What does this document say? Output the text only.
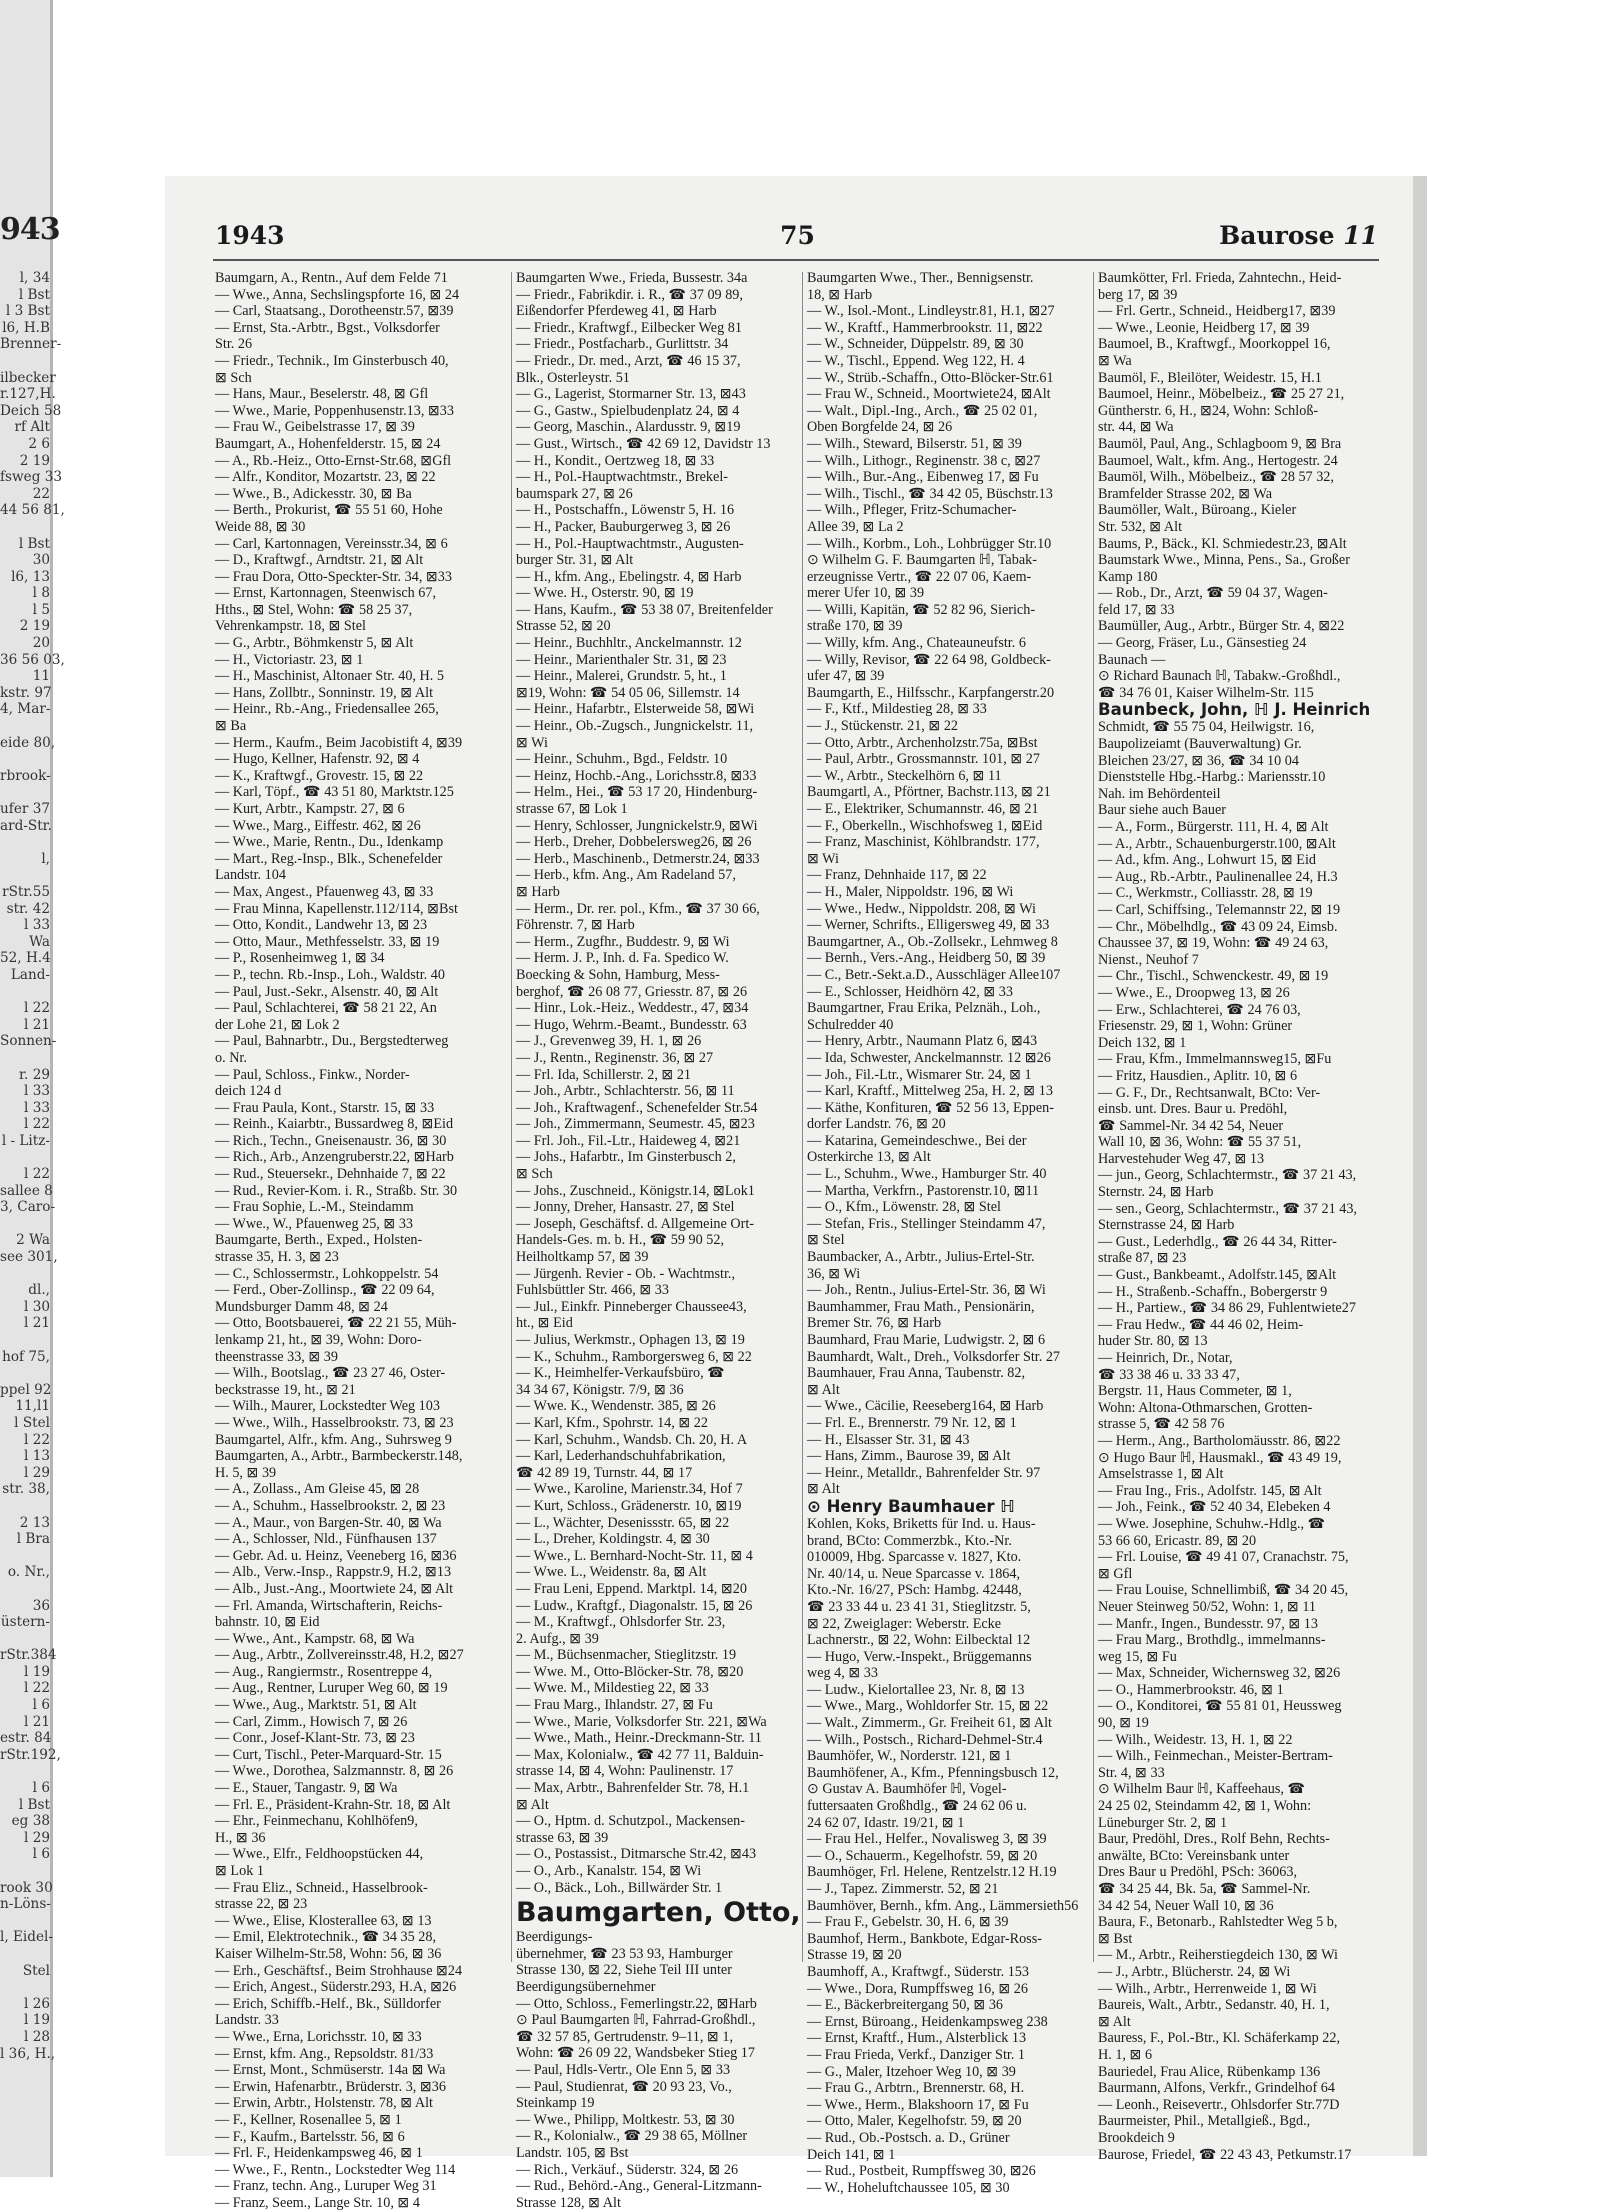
943
l, 34
l Bst
l 3 Bst
l6, H.B
Brenner-
ilbecker
r.127,H.
Deich 58
rf Alt
2 6
2 19
fsweg 33
22
44 56 81,
l Bst
30
l6, 13
l 8
l 5
2 19
20
36 56 03,
11
kstr. 97
4, Mar-
eide 80,
rbrook-
ufer 37
ard-Str.
l,
rStr.55
str. 42
l 33
Wa
52, H.4
Land-
l 22
l 21
Sonnen-
r. 29
l 33
l 33
l 22
l - Litz-
l 22
sallee 8
3, Caro-
2 Wa
see 301,
dl.,
l 30
l 21
hof 75,
ppel 92
11,l1
l Stel
l 22
l 13
l 29
str. 38,
2 13
l Bra
o. Nr.,
36
üstern-
rStr.384
l 19
l 22
l 6
l 21
estr. 84
rStr.192,
l 6
l Bst
eg 38
l 29
l 6
rook 30
n-Löns-
l, Eidel-
Stel
l 26
l 19
l 28
l 36, H.,
1943	75	Baurose 11
Baumgarn, A., Rentn., Auf dem Felde 71
— Wwe., Anna, Sechslingspforte 16, ⊠ 24
— Carl, Staatsang., Dorotheenstr.57, ⊠39
— Ernst, Sta.-Arbtr., Bgst., Volksdorfer
Str. 26
— Friedr., Technik., Im Ginsterbusch 40,
⊠ Sch
— Hans, Maur., Beselerstr. 48, ⊠ Gfl
— Wwe., Marie, Poppenhusenstr.13, ⊠33
— Frau W., Geibelstrasse 17, ⊠ 39
Baumgart, A., Hohenfelderstr. 15, ⊠ 24
— A., Rb.-Heiz., Otto-Ernst-Str.68, ⊠Gfl
— Alfr., Konditor, Mozartstr. 23, ⊠ 22
— Wwe., B., Adickesstr. 30, ⊠ Ba
— Berth., Prokurist, ☎ 55 51 60, Hohe
Weide 88, ⊠ 30
— Carl, Kartonnagen, Vereinsstr.34, ⊠ 6
— D., Kraftwgf., Arndtstr. 21, ⊠ Alt
— Frau Dora, Otto-Speckter-Str. 34, ⊠33
— Ernst, Kartonnagen, Steenwisch 67,
Hths., ⊠ Stel, Wohn: ☎ 58 25 37,
Vehrenkampstr. 18, ⊠ Stel
— G., Arbtr., Böhmkenstr 5, ⊠ Alt
— H., Victoriastr. 23, ⊠ 1
— H., Maschinist, Altonaer Str. 40, H. 5
— Hans, Zollbtr., Sonninstr. 19, ⊠ Alt
— Heinr., Rb.-Ang., Friedensallee 265,
⊠ Ba
— Herm., Kaufm., Beim Jacobistift 4, ⊠39
— Hugo, Kellner, Hafenstr. 92, ⊠ 4
— K., Kraftwgf., Grovestr. 15, ⊠ 22
— Karl, Töpf., ☎ 43 51 80, Marktstr.125
— Kurt, Arbtr., Kampstr. 27, ⊠ 6
— Wwe., Marg., Eiffestr. 462, ⊠ 26
— Wwe., Marie, Rentn., Du., Idenkamp
— Mart., Reg.-Insp., Blk., Schenefelder
Landstr. 104
— Max, Angest., Pfauenweg 43, ⊠ 33
— Frau Minna, Kapellenstr.112/114, ⊠Bst
— Otto, Kondit., Landwehr 13, ⊠ 23
— Otto, Maur., Methfesselstr. 33, ⊠ 19
— P., Rosenheimweg 1, ⊠ 34
— P., techn. Rb.-Insp., Loh., Waldstr. 40
— Paul, Just.-Sekr., Alsenstr. 40, ⊠ Alt
— Paul, Schlachterei, ☎ 58 21 22, An
der Lohe 21, ⊠ Lok 2
— Paul, Bahnarbtr., Du., Bergstedterweg
o. Nr.
— Paul, Schloss., Finkw., Norder-
deich 124 d
— Frau Paula, Kont., Starstr. 15, ⊠ 33
— Reinh., Kaiarbtr., Bussardweg 8, ⊠Eid
— Rich., Techn., Gneisenaustr. 36, ⊠ 30
— Rich., Arb., Anzengruberstr.22, ⊠Harb
— Rud., Steuersekr., Dehnhaide 7, ⊠ 22
— Rud., Revier-Kom. i. R., Straßb. Str. 30
— Frau Sophie, L.-M., Steindamm
— Wwe., W., Pfauenweg 25, ⊠ 33
Baumgarte, Berth., Exped., Holsten-
strasse 35, H. 3, ⊠ 23
— C., Schlossermstr., Lohkoppelstr. 54
— Ferd., Ober-Zollinsp., ☎ 22 09 64,
Mundsburger Damm 48, ⊠ 24
— Otto, Bootsbauerei, ☎ 22 21 55, Müh-
lenkamp 21, ht., ⊠ 39, Wohn: Doro-
theenstrasse 33, ⊠ 39
— Wilh., Bootslag., ☎ 23 27 46, Oster-
beckstrasse 19, ht., ⊠ 21
— Wilh., Maurer, Lockstedter Weg 103
— Wwe., Wilh., Hasselbrookstr. 73, ⊠ 23
Baumgartel, Alfr., kfm. Ang., Suhrsweg 9
Baumgarten, A., Arbtr., Barmbeckerstr.148,
H. 5, ⊠ 39
— A., Zollass., Am Gleise 45, ⊠ 28
— A., Schuhm., Hasselbrookstr. 2, ⊠ 23
— A., Maur., von Bargen-Str. 40, ⊠ Wa
— A., Schlosser, Nld., Fünfhausen 137
— Gebr. Ad. u. Heinz, Veeneberg 16, ⊠36
— Alb., Verw.-Insp., Rappstr.9, H.2, ⊠13
— Alb., Just.-Ang., Moortwiete 24, ⊠ Alt
— Frl. Amanda, Wirtschafterin, Reichs-
bahnstr. 10, ⊠ Eid
— Wwe., Ant., Kampstr. 68, ⊠ Wa
— Aug., Arbtr., Zollvereinsstr.48, H.2, ⊠27
— Aug., Rangiermstr., Rosentreppe 4,
— Aug., Rentner, Luruper Weg 60, ⊠ 19
— Wwe., Aug., Marktstr. 51, ⊠ Alt
— Carl, Zimm., Howisch 7, ⊠ 26
— Conr., Josef-Klant-Str. 73, ⊠ 23
— Curt, Tischl., Peter-Marquard-Str. 15
— Wwe., Dorothea, Salzmannstr. 8, ⊠ 26
— E., Stauer, Tangastr. 9, ⊠ Wa
— Frl. E., Präsident-Krahn-Str. 18, ⊠ Alt
— Ehr., Feinmechanu, Kohlhöfen9,
H., ⊠ 36
— Wwe., Elfr., Feldhoopstücken 44,
⊠ Lok 1
— Frau Eliz., Schneid., Hasselbrook-
strasse 22, ⊠ 23
— Wwe., Elise, Klosterallee 63, ⊠ 13
— Emil, Elektrotechnik., ☎ 34 35 28,
Kaiser Wilhelm-Str.58, Wohn: 56, ⊠ 36
— Erh., Geschäftsf., Beim Strohhause ⊠24
— Erich, Angest., Süderstr.293, H.A, ⊠26
— Erich, Schiffb.-Helf., Bk., Sülldorfer
Landstr. 33
— Wwe., Erna, Lorichsstr. 10, ⊠ 33
— Ernst, kfm. Ang., Repsoldstr. 81/33
— Ernst, Mont., Schmüserstr. 14a ⊠ Wa
— Erwin, Hafenarbtr., Brüderstr. 3, ⊠36
— Erwin, Arbtr., Holstenstr. 78, ⊠ Alt
— F., Kellner, Rosenallee 5, ⊠ 1
— F., Kaufm., Bartelsstr. 56, ⊠ 6
— Frl. F., Heidenkampsweg 46, ⊠ 1
— Wwe., F., Rentn., Lockstedter Weg 114
— Franz, techn. Ang., Luruper Weg 31
— Franz, Seem., Lange Str. 10, ⊠ 4
Baumgarten Wwe., Frieda, Bussestr. 34a
— Friedr., Fabrikdir. i. R., ☎ 37 09 89,
Eißendorfer Pferdeweg 41, ⊠ Harb
— Friedr., Kraftwgf., Eilbecker Weg 81
— Friedr., Postfacharb., Gurlittstr. 34
— Friedr., Dr. med., Arzt, ☎ 46 15 37,
Blk., Osterleystr. 51
— G., Lagerist, Stormarner Str. 13, ⊠43
— G., Gastw., Spielbudenplatz 24, ⊠ 4
— Georg, Maschin., Alardusstr. 9, ⊠19
— Gust., Wirtsch., ☎ 42 69 12, Davidstr 13
— H., Kondit., Oertzweg 18, ⊠ 33
— H., Pol.-Hauptwachtmstr., Brekel-
baumspark 27, ⊠ 26
— H., Postschaffn., Löwenstr 5, H. 16
— H., Packer, Bauburgerweg 3, ⊠ 26
— H., Pol.-Hauptwachtmstr., Augusten-
burger Str. 31, ⊠ Alt
— H., kfm. Ang., Ebelingstr. 4, ⊠ Harb
— Wwe. H., Osterstr. 90, ⊠ 19
— Hans, Kaufm., ☎ 53 38 07, Breitenfelder
Strasse 52, ⊠ 20
— Heinr., Buchhltr., Anckelmannstr. 12
— Heinr., Marienthaler Str. 31, ⊠ 23
— Heinr., Malerei, Grundstr. 5, ht., 1
⊠19, Wohn: ☎ 54 05 06, Sillemstr. 14
— Heinr., Hafarbtr., Elsterweide 58, ⊠Wi
— Heinr., Ob.-Zugsch., Jungnickelstr. 11,
⊠ Wi
— Heinr., Schuhm., Bgd., Feldstr. 10
— Heinz, Hochb.-Ang., Lorichsstr.8, ⊠33
— Helm., Hei., ☎ 53 17 20, Hindenburg-
strasse 67, ⊠ Lok 1
— Henry, Schlosser, Jungnickelstr.9, ⊠Wi
— Herb., Dreher, Dobbelersweg26, ⊠ 26
— Herb., Maschinenb., Detmerstr.24, ⊠33
— Herb., kfm. Ang., Am Radeland 57,
⊠ Harb
— Herm., Dr. rer. pol., Kfm., ☎ 37 30 66,
Föhrenstr. 7, ⊠ Harb
— Herm., Zugfhr., Buddestr. 9, ⊠ Wi
— Herm. J. P., Inh. d. Fa. Spedico W.
Boecking & Sohn, Hamburg, Mess-
berghof, ☎ 26 08 77, Griesstr. 87, ⊠ 26
— Hinr., Lok.-Heiz., Weddestr., 47, ⊠34
— Hugo, Wehrm.-Beamt., Bundesstr. 63
— J., Grevenweg 39, H. 1, ⊠ 26
— J., Rentn., Reginenstr. 36, ⊠ 27
— Frl. Ida, Schillerstr. 2, ⊠ 21
— Joh., Arbtr., Schlachterstr. 56, ⊠ 11
— Joh., Kraftwagenf., Schenefelder Str.54
— Joh., Zimmermann, Seumestr. 45, ⊠23
— Frl. Joh., Fil.-Ltr., Haideweg 4, ⊠21
— Johs., Hafarbtr., Im Ginsterbusch 2,
⊠ Sch
— Johs., Zuschneid., Königstr.14, ⊠Lok1
— Jonny, Dreher, Hansastr. 27, ⊠ Stel
— Joseph, Geschäftsf. d. Allgemeine Ort-
Handels-Ges. m. b. H., ☎ 59 90 52,
Heilholtkamp 57, ⊠ 39
— Jürgenh. Revier - Ob. - Wachtmstr.,
Fuhlsbüttler Str. 466, ⊠ 33
— Jul., Einkfr. Pinneberger Chaussee43,
ht., ⊠ Eid
— Julius, Werkmstr., Ophagen 13, ⊠ 19
— K., Schuhm., Ramborgersweg 6, ⊠ 22
— K., Heimhelfer-Verkaufsbüro, ☎
34 34 67, Königstr. 7/9, ⊠ 36
— Wwe. K., Wendenstr. 385, ⊠ 26
— Karl, Kfm., Spohrstr. 14, ⊠ 22
— Karl, Schuhm., Wandsb. Ch. 20, H. A
— Karl, Lederhandschuhfabrikation,
☎ 42 89 19, Turnstr. 44, ⊠ 17
— Wwe., Karoline, Marienstr.34, Hof 7
— Kurt, Schloss., Grädenerstr. 10, ⊠19
— L., Wächter, Desenissstr. 65, ⊠ 22
— L., Dreher, Koldingstr. 4, ⊠ 30
— Wwe., L. Bernhard-Nocht-Str. 11, ⊠ 4
— Wwe. L., Weidenstr. 8a, ⊠ Alt
— Frau Leni, Eppend. Marktpl. 14, ⊠20
— Ludw., Kraftgf., Diagonalstr. 15, ⊠ 26
— M., Kraftwgf., Ohlsdorfer Str. 23,
2. Aufg., ⊠ 39
— M., Büchsenmacher, Stieglitzstr. 19
— Wwe. M., Otto-Blöcker-Str. 78, ⊠20
— Wwe. M., Mildestieg 22, ⊠ 33
— Frau Marg., Ihlandstr. 27, ⊠ Fu
— Wwe., Marie, Volksdorfer Str. 221, ⊠Wa
— Wwe., Math., Heinr.-Dreckmann-Str. 11
— Max, Kolonialw., ☎ 42 77 11, Balduin-
strasse 14, ⊠ 4, Wohn: Paulinenstr. 17
— Max, Arbtr., Bahrenfelder Str. 78, H.1
⊠ Alt
— O., Hptm. d. Schutzpol., Mackensen-
strasse 63, ⊠ 39
— O., Postassist., Ditmarsche Str.42, ⊠43
— O., Arb., Kanalstr. 154, ⊠ Wi
— O., Bäck., Loh., Billwärder Str. 1
Baumgarten, Otto,
Beerdigungs-
übernehmer, ☎ 23 53 93, Hamburger
Strasse 130, ⊠ 22, Siehe Teil III unter
Beerdigungsübernehmer
— Otto, Schloss., Femerlingstr.22, ⊠Harb
⊙ Paul Baumgarten ℍ, Fahrrad-Großhdl.,
☎ 32 57 85, Gertrudenstr. 9–11, ⊠ 1,
Wohn: ☎ 26 09 22, Wandsbeker Stieg 17
— Paul, Hdls-Vertr., Ole Enn 5, ⊠ 33
— Paul, Studienrat, ☎ 20 93 23, Vo.,
Steinkamp 19
— Wwe., Philipp, Moltkestr. 53, ⊠ 30
— R., Kolonialw., ☎ 29 38 65, Möllner
Landstr. 105, ⊠ Bst
— Rich., Verkäuf., Süderstr. 324, ⊠ 26
— Rud., Behörd.-Ang., General-Litzmann-
Strasse 128, ⊠ Alt
Baumgarten Wwe., Ther., Bennigsenstr.
18, ⊠ Harb
— W., Isol.-Mont., Lindleystr.81, H.1, ⊠27
— W., Kraftf., Hammerbrookstr. 11, ⊠22
— W., Schneider, Düppelstr. 89, ⊠ 30
— W., Tischl., Eppend. Weg 122, H. 4
— W., Strüb.-Schaffn., Otto-Blöcker-Str.61
— Frau W., Schneid., Moortwiete24, ⊠Alt
— Walt., Dipl.-Ing., Arch., ☎ 25 02 01,
Oben Borgfelde 24, ⊠ 26
— Wilh., Steward, Bilserstr. 51, ⊠ 39
— Wilh., Lithogr., Reginenstr. 38 c, ⊠27
— Wilh., Bur.-Ang., Eibenweg 17, ⊠ Fu
— Wilh., Tischl., ☎ 34 42 05, Büschstr.13
— Wilh., Pfleger, Fritz-Schumacher-
Allee 39, ⊠ La 2
— Wilh., Korbm., Loh., Lohbrügger Str.10
⊙ Wilhelm G. F. Baumgarten ℍ, Tabak-
erzeugnisse Vertr., ☎ 22 07 06, Kaem-
merer Ufer 10, ⊠ 39
— Willi, Kapitän, ☎ 52 82 96, Sierich-
straße 170, ⊠ 39
— Willy, kfm. Ang., Chateauneufstr. 6
— Willy, Revisor, ☎ 22 64 98, Goldbeck-
ufer 47, ⊠ 39
Baumgarth, E., Hilfsschr., Karpfangerstr.20
— F., Ktf., Mildestieg 28, ⊠ 33
— J., Stückenstr. 21, ⊠ 22
— Otto, Arbtr., Archenholzstr.75a, ⊠Bst
— Paul, Arbtr., Grossmannstr. 101, ⊠ 27
— W., Arbtr., Steckelhörn 6, ⊠ 11
Baumgartl, A., Pförtner, Bachstr.113, ⊠ 21
— E., Elektriker, Schumannstr. 46, ⊠ 21
— F., Oberkelln., Wischhofsweg 1, ⊠Eid
— Franz, Maschinist, Köhlbrandstr. 177,
⊠ Wi
— Franz, Dehnhaide 117, ⊠ 22
— H., Maler, Nippoldstr. 196, ⊠ Wi
— Wwe., Hedw., Nippoldstr. 208, ⊠ Wi
— Werner, Schrifts., Elligersweg 49, ⊠ 33
Baumgartner, A., Ob.-Zollsekr., Lehmweg 8
— Bernh., Vers.-Ang., Heidberg 50, ⊠ 39
— C., Betr.-Sekt.a.D., Ausschläger Allee107
— E., Schlosser, Heidhörn 42, ⊠ 33
Baumgartner, Frau Erika, Pelznäh., Loh.,
Schulredder 40
— Henry, Arbtr., Naumann Platz 6, ⊠43
— Ida, Schwester, Anckelmannstr. 12 ⊠26
— Joh., Fil.-Ltr., Wismarer Str. 24, ⊠ 1
— Karl, Kraftf., Mittelweg 25a, H. 2, ⊠ 13
— Käthe, Konfituren, ☎ 52 56 13, Eppen-
dorfer Landstr. 76, ⊠ 20
— Katarina, Gemeindeschwe., Bei der
Osterkirche 13, ⊠ Alt
— L., Schuhm., Wwe., Hamburger Str. 40
— Martha, Verkfrn., Pastorenstr.10, ⊠11
— O., Kfm., Löwenstr. 28, ⊠ Stel
— Stefan, Fris., Stellinger Steindamm 47,
⊠ Stel
Baumbacker, A., Arbtr., Julius-Ertel-Str.
36, ⊠ Wi
— Joh., Rentn., Julius-Ertel-Str. 36, ⊠ Wi
Baumhammer, Frau Math., Pensionärin,
Bremer Str. 76, ⊠ Harb
Baumhard, Frau Marie, Ludwigstr. 2, ⊠ 6
Baumhardt, Walt., Dreh., Volksdorfer Str. 27
Baumhauer, Frau Anna, Taubenstr. 82,
⊠ Alt
— Wwe., Cäcilie, Reeseberg164, ⊠ Harb
— Frl. E., Brennerstr. 79 Nr. 12, ⊠ 1
— H., Elsasser Str. 31, ⊠ 43
— Hans, Zimm., Baurose 39, ⊠ Alt
— Heinr., Metalldr., Bahrenfelder Str. 97
⊠ Alt
⊙ Henry Baumhauer ℍ
Kohlen, Koks, Briketts für Ind. u. Haus-
brand, BCto: Commerzbk., Kto.-Nr.
010009, Hbg. Sparcasse v. 1827, Kto.
Nr. 40/14, u. Neue Sparcasse v. 1864,
Kto.-Nr. 16/27, PSch: Hambg. 42448,
☎ 23 33 44 u. 23 41 31, Stieglitzstr. 5,
⊠ 22, Zweiglager: Weberstr. Ecke
Lachnerstr., ⊠ 22, Wohn: Eilbecktal 12
— Hugo, Verw.-Inspekt., Brüggemanns
weg 4, ⊠ 33
— Ludw., Kielortallee 23, Nr. 8, ⊠ 13
— Wwe., Marg., Wohldorfer Str. 15, ⊠ 22
— Walt., Zimmerm., Gr. Freiheit 61, ⊠ Alt
— Wilh., Postsch., Richard-Dehmel-Str.4
Baumhöfer, W., Norderstr. 121, ⊠ 1
Baumhöfener, A., Kfm., Pfenningsbusch 12,
⊙ Gustav A. Baumhöfer ℍ, Vogel-
futtersaaten Großhdlg., ☎ 24 62 06 u.
24 62 07, Idastr. 19/21, ⊠ 1
— Frau Hel., Helfer., Novalisweg 3, ⊠ 39
— O., Schauerm., Kegelhofstr. 59, ⊠ 20
Baumhöger, Frl. Helene, Rentzelstr.12 H.19
— J., Tapez. Zimmerstr. 52, ⊠ 21
Baumhöver, Bernh., kfm. Ang., Lämmersieth56
— Frau F., Gebelstr. 30, H. 6, ⊠ 39
Baumhof, Herm., Bankbote, Edgar-Ross-
Strasse 19, ⊠ 20
Baumhoff, A., Kraftwgf., Süderstr. 153
— Wwe., Dora, Rumpffsweg 16, ⊠ 26
— E., Bäckerbreitergang 50, ⊠ 36
— Ernst, Büroang., Heidenkampsweg 238
— Ernst, Kraftf., Hum., Alsterblick 13
— Frau Frieda, Verkf., Danziger Str. 1
— G., Maler, Itzehoer Weg 10, ⊠ 39
— Frau G., Arbtrn., Brennerstr. 68, H.
— Wwe., Herm., Blakshoorn 17, ⊠ Fu
— Otto, Maler, Kegelhofstr. 59, ⊠ 20
— Rud., Ob.-Postsch. a. D., Grüner
Deich 141, ⊠ 1
— Rud., Postbeit, Rumpffsweg 30, ⊠26
— W., Hoheluftchaussee 105, ⊠ 30
Baumkötter, Frl. Frieda, Zahntechn., Heid-
berg 17, ⊠ 39
— Frl. Gertr., Schneid., Heidberg17, ⊠39
— Wwe., Leonie, Heidberg 17, ⊠ 39
Baumoel, B., Kraftwgf., Moorkoppel 16,
⊠ Wa
Baumöl, F., Bleilöter, Weidestr. 15, H.1
Baumoel, Heinr., Möbelbeiz., ☎ 25 27 21,
Güntherstr. 6, H., ⊠24, Wohn: Schloß-
str. 44, ⊠ Wa
Baumöl, Paul, Ang., Schlagboom 9, ⊠ Bra
Baumoel, Walt., kfm. Ang., Hertogestr. 24
Baumöl, Wilh., Möbelbeiz., ☎ 28 57 32,
Bramfelder Strasse 202, ⊠ Wa
Baumöller, Walt., Büroang., Kieler
Str. 532, ⊠ Alt
Baums, P., Bäck., Kl. Schmiedestr.23, ⊠Alt
Baumstark Wwe., Minna, Pens., Sa., Großer
Kamp 180
— Rob., Dr., Arzt, ☎ 59 04 37, Wagen-
feld 17, ⊠ 33
Baumüller, Aug., Arbtr., Bürger Str. 4, ⊠22
— Georg, Fräser, Lu., Gänsestieg 24
Baunach —
⊙ Richard Baunach ℍ, Tabakw.-Großhdl.,
☎ 34 76 01, Kaiser Wilhelm-Str. 115
Baunbeck, John, ℍ J. Heinrich
Schmidt, ☎ 55 75 04, Heilwigstr. 16,
Baupolizeiamt (Bauverwaltung) Gr.
Bleichen 23/27, ⊠ 36, ☎ 34 10 04
Dienststelle Hbg.-Harbg.: Mariensstr.10
Nah. im Behördenteil
Baur siehe auch Bauer
— A., Form., Bürgerstr. 111, H. 4, ⊠ Alt
— A., Arbtr., Schauenburgerstr.100, ⊠Alt
— Ad., kfm. Ang., Lohwurt 15, ⊠ Eid
— Aug., Rb.-Arbtr., Paulinenallee 24, H.3
— C., Werkmstr., Colliasstr. 28, ⊠ 19
— Carl, Schiffsing., Telemannstr 22, ⊠ 19
— Chr., Möbelhdlg., ☎ 43 09 24, Eimsb.
Chaussee 37, ⊠ 19, Wohn: ☎ 49 24 63,
Nienst., Neuhof 7
— Chr., Tischl., Schwenckestr. 49, ⊠ 19
— Wwe., E., Droopweg 13, ⊠ 26
— Erw., Schlachterei, ☎ 24 76 03,
Friesenstr. 29, ⊠ 1, Wohn: Grüner
Deich 132, ⊠ 1
— Frau, Kfm., Immelmannsweg15, ⊠Fu
— Fritz, Hausdien., Aplitr. 10, ⊠ 6
— G. F., Dr., Rechtsanwalt, BCto: Ver-
einsb. unt. Dres. Baur u. Predöhl,
☎ Sammel-Nr. 34 42 54, Neuer
Wall 10, ⊠ 36, Wohn: ☎ 55 37 51,
Harvestehuder Weg 47, ⊠ 13
— jun., Georg, Schlachtermstr., ☎ 37 21 43,
Sternstr. 24, ⊠ Harb
— sen., Georg, Schlachtermstr., ☎ 37 21 43,
Sternstrasse 24, ⊠ Harb
— Gust., Lederhdlg., ☎ 26 44 34, Ritter-
straße 87, ⊠ 23
— Gust., Bankbeamt., Adolfstr.145, ⊠Alt
— H., Straßenb.-Schaffn., Bobergerstr 9
— H., Partiew., ☎ 34 86 29, Fuhlentwiete27
— Frau Hedw., ☎ 44 46 02, Heim-
huder Str. 80, ⊠ 13
— Heinrich, Dr., Notar,
☎ 33 38 46 u. 33 33 47,
Bergstr. 11, Haus Commeter, ⊠ 1,
Wohn: Altona-Othmarschen, Grotten-
strasse 5, ☎ 42 58 76
— Herm., Ang., Bartholomäusstr. 86, ⊠22
⊙ Hugo Baur ℍ, Hausmakl., ☎ 43 49 19,
Amselstrasse 1, ⊠ Alt
— Frau Ing., Fris., Adolfstr. 145, ⊠ Alt
— Joh., Feink., ☎ 52 40 34, Elebeken 4
— Wwe. Josephine, Schuhw.-Hdlg., ☎
53 66 60, Ericastr. 89, ⊠ 20
— Frl. Louise, ☎ 49 41 07, Cranachstr. 75,
⊠ Gfl
— Frau Louise, Schnellimbiß, ☎ 34 20 45,
Neuer Steinweg 50/52, Wohn: 1, ⊠ 11
— Manfr., Ingen., Bundesstr. 97, ⊠ 13
— Frau Marg., Brothdlg., immelmanns-
weg 15, ⊠ Fu
— Max, Schneider, Wichernsweg 32, ⊠26
— O., Hammerbrookstr. 46, ⊠ 1
— O., Konditorei, ☎ 55 81 01, Heussweg
90, ⊠ 19
— Wilh., Weidestr. 13, H. 1, ⊠ 22
— Wilh., Feinmechan., Meister-Bertram-
Str. 4, ⊠ 33
⊙ Wilhelm Baur ℍ, Kaffeehaus, ☎
24 25 02, Steindamm 42, ⊠ 1, Wohn:
Lüneburger Str. 2, ⊠ 1
Baur, Predöhl, Dres., Rolf Behn, Rechts-
anwälte, BCto: Vereinsbank unter
Dres Baur u Predöhl, PSch: 36063,
☎ 34 25 44, Bk. 5a, ☎ Sammel-Nr.
34 42 54, Neuer Wall 10, ⊠ 36
Baura, F., Betonarb., Rahlstedter Weg 5 b,
⊠ Bst
— M., Arbtr., Reiherstiegdeich 130, ⊠ Wi
— J., Arbtr., Blücherstr. 24, ⊠ Wi
— Wilh., Arbtr., Herrenweide 1, ⊠ Wi
Baureis, Walt., Arbtr., Sedanstr. 40, H. 1,
⊠ Alt
Bauress, F., Pol.-Btr., Kl. Schäferkamp 22,
H. 1, ⊠ 6
Bauriedel, Frau Alice, Rübenkamp 136
Baurmann, Alfons, Verkfr., Grindelhof 64
— Leonh., Reisevertr., Ohlsdorfer Str.77D
Baurmeister, Phil., Metallgieß., Bgd.,
Brookdeich 9
Baurose, Friedel, ☎ 22 43 43, Petkumstr.17
